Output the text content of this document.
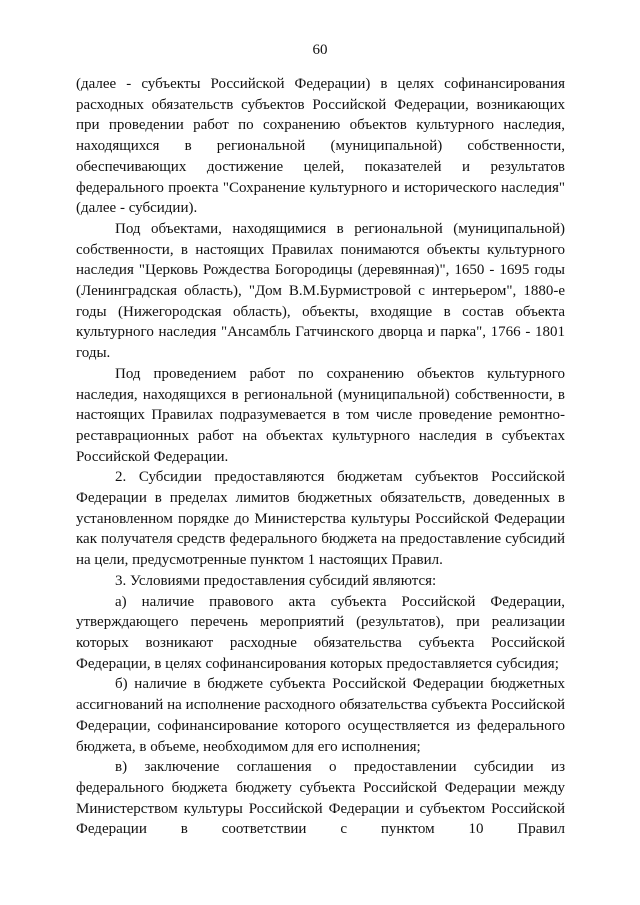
60

(далее - субъекты Российской Федерации) в целях софинансирования расходных обязательств субъектов Российской Федерации, возникающих при проведении работ по сохранению объектов культурного наследия, находящихся в региональной (муниципальной) собственности, обеспечивающих достижение целей, показателей и результатов федерального проекта "Сохранение культурного и исторического наследия" (далее - субсидии).

Под объектами, находящимися в региональной (муниципальной) собственности, в настоящих Правилах понимаются объекты культурного наследия "Церковь Рождества Богородицы (деревянная)", 1650 - 1695 годы (Ленинградская область), "Дом В.М.Бурмистровой с интерьером", 1880-е годы (Нижегородская область), объекты, входящие в состав объекта культурного наследия "Ансамбль Гатчинского дворца и парка", 1766 - 1801 годы.

Под проведением работ по сохранению объектов культурного наследия, находящихся в региональной (муниципальной) собственности, в настоящих Правилах подразумевается в том числе проведение ремонтно-реставрационных работ на объектах культурного наследия в субъектах Российской Федерации.

2. Субсидии предоставляются бюджетам субъектов Российской Федерации в пределах лимитов бюджетных обязательств, доведенных в установленном порядке до Министерства культуры Российской Федерации как получателя средств федерального бюджета на предоставление субсидий на цели, предусмотренные пунктом 1 настоящих Правил.

3. Условиями предоставления субсидий являются:

а) наличие правового акта субъекта Российской Федерации, утверждающего перечень мероприятий (результатов), при реализации которых возникают расходные обязательства субъекта Российской Федерации, в целях софинансирования которых предоставляется субсидия;

б) наличие в бюджете субъекта Российской Федерации бюджетных ассигнований на исполнение расходного обязательства субъекта Российской Федерации, софинансирование которого осуществляется из федерального бюджета, в объеме, необходимом для его исполнения;

в) заключение соглашения о предоставлении субсидии из федерального бюджета бюджету субъекта Российской Федерации между Министерством культуры Российской Федерации и субъектом Российской Федерации в соответствии с пунктом 10 Правил
